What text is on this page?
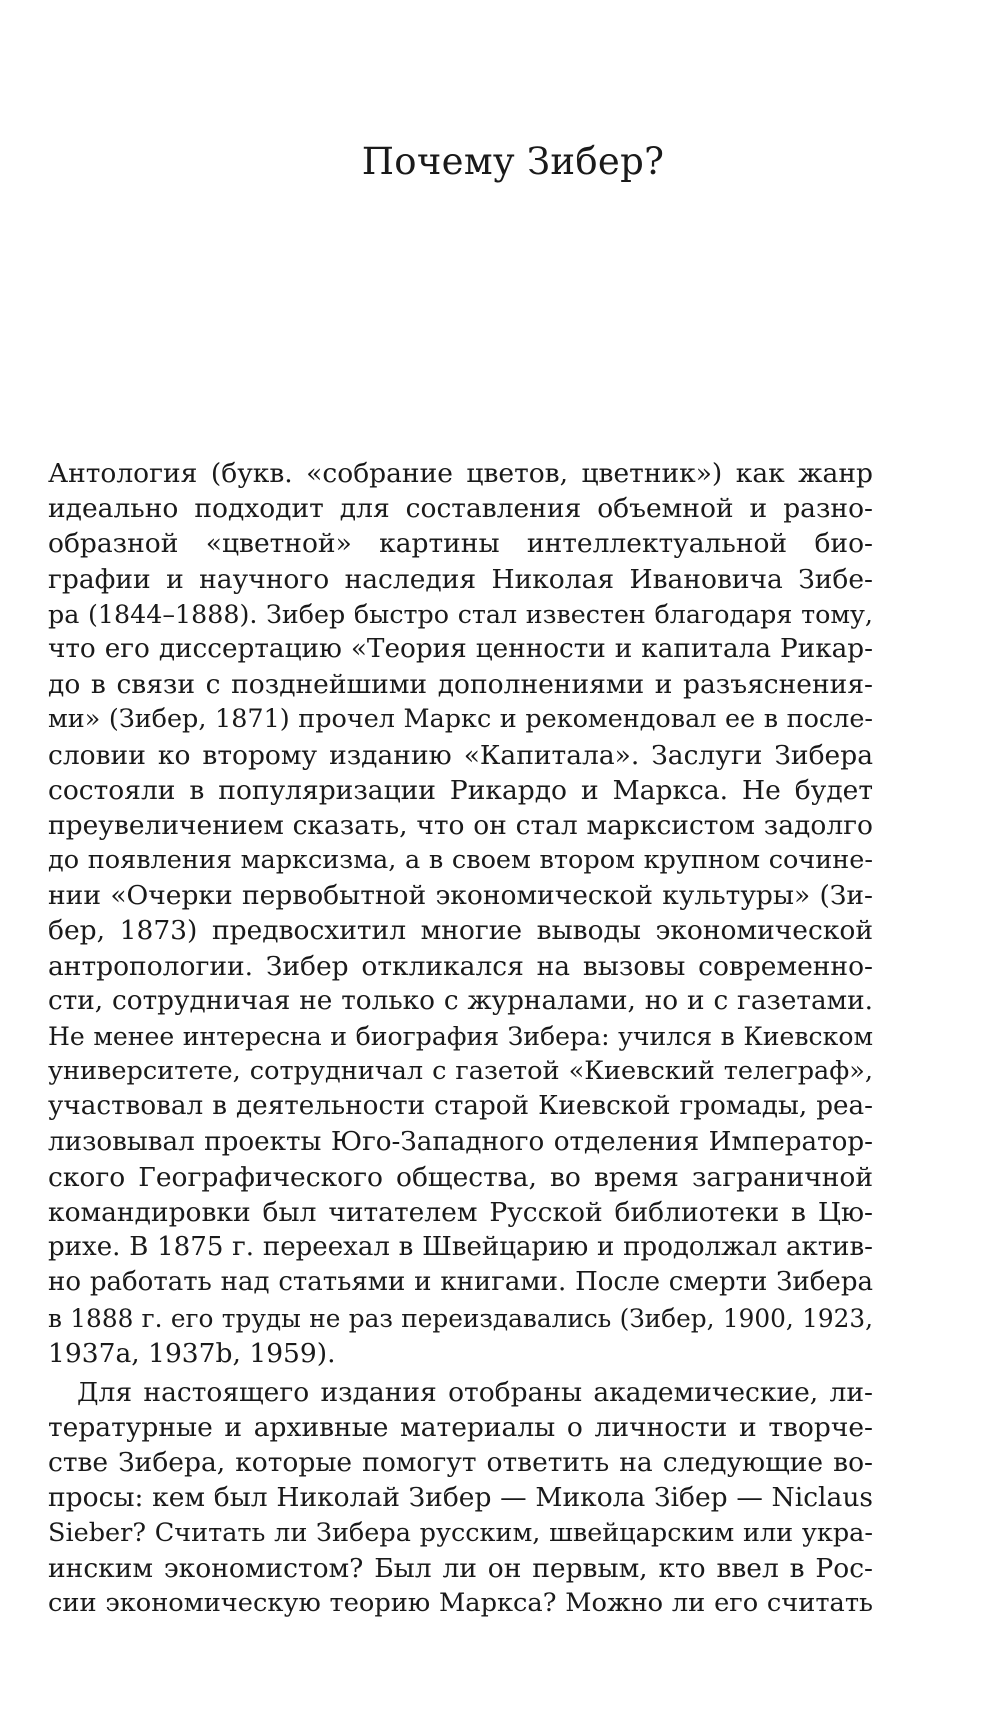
Почему Зибер?
Антология (букв. «собрание цветов, цветник») как жанр
идеально подходит для составления объемной и разно-
образной «цветной» картины интеллектуальной био-
графии и научного наследия Николая Ивановича Зибе-
ра (1844–1888). Зибер быстро стал известен благодаря тому,
что его диссертацию «Теория ценности и капитала Рикар-
до в связи с позднейшими дополнениями и разъяснения-
ми» (Зибер, 1871) прочел Маркс и рекомендовал ее в после-
словии ко второму изданию «Капитала». Заслуги Зибера
состояли в популяризации Рикардо и Маркса. Не будет
преувеличением сказать, что он стал марксистом задолго
до появления марксизма, а в своем втором крупном сочине-
нии «Очерки первобытной экономической культуры» (Зи-
бер, 1873) предвосхитил многие выводы экономической
антропологии. Зибер откликался на вызовы современно-
сти, сотрудничая не только с журналами, но и с газетами.
Не менее интересна и биография Зибера: учился в Киевском
университете, сотрудничал с газетой «Киевский телеграф»,
участвовал в деятельности старой Киевской громады, реа-
лизовывал проекты Юго-Западного отделения Император-
ского Географического общества, во время заграничной
командировки был читателем Русской библиотеки в Цю-
рихе. В 1875 г. переехал в Швейцарию и продолжал актив-
но работать над статьями и книгами. После смерти Зибера
в 1888 г. его труды не раз переиздавались (Зибер, 1900, 1923,
1937a, 1937b, 1959).
Для настоящего издания отобраны академические, ли-
тературные и архивные материалы о личности и творче-
стве Зибера, которые помогут ответить на следующие во-
просы: кем был Николай Зибер — Микола Зібер — Niclaus
Sieber? Считать ли Зибера русским, швейцарским или укра-
инским экономистом? Был ли он первым, кто ввел в Рос-
сии экономическую теорию Маркса? Можно ли его считать
